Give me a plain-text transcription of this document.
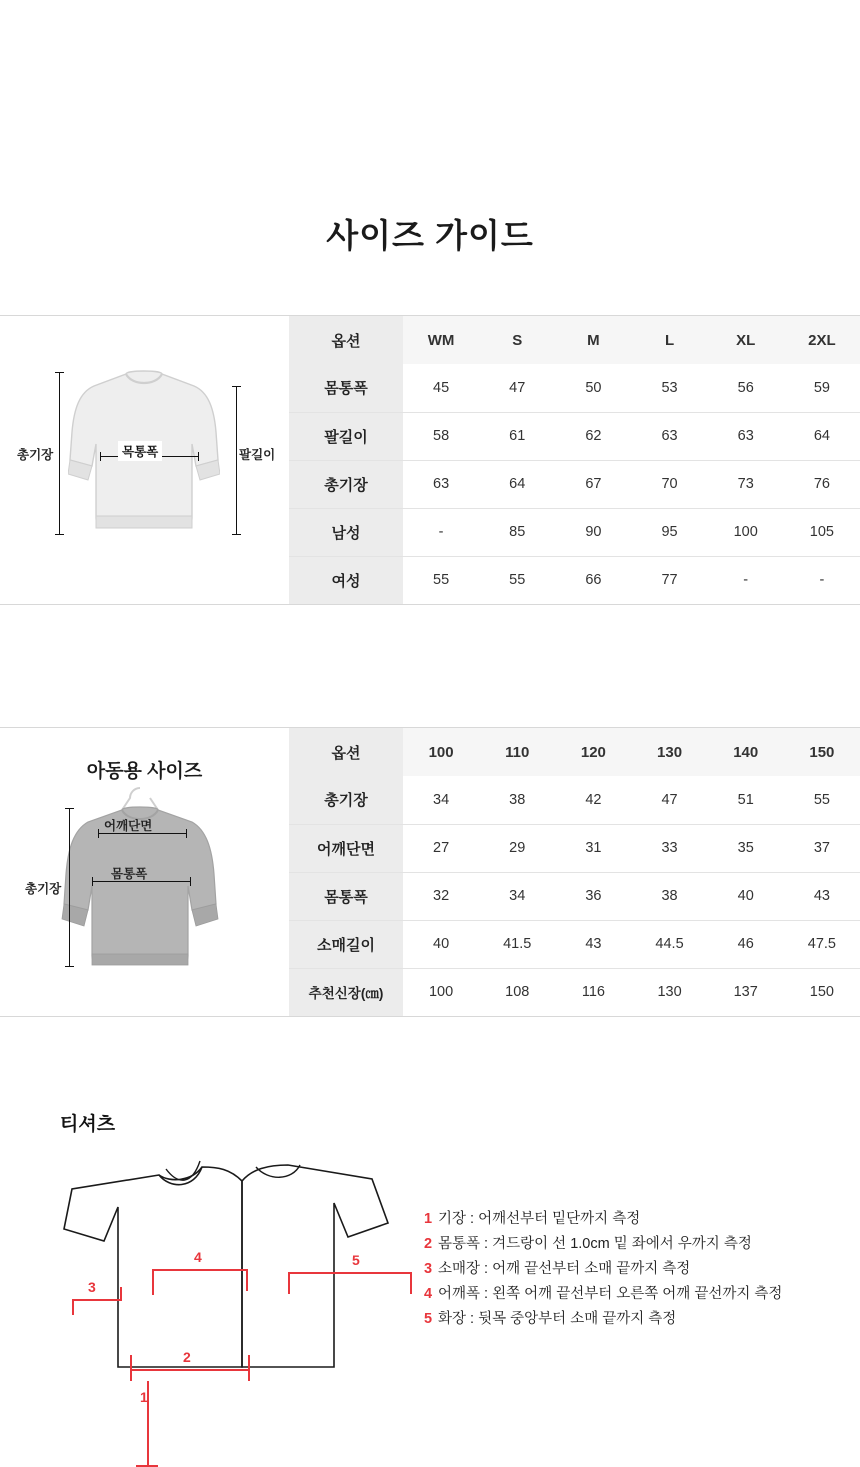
사이즈 가이드
총기장	팔길이
목통폭
옵션	WM	S	M	L	XL	2XL
몸통폭	45	47	50	53	56	59
팔길이	58	61	62	63	63	64
총기장	63	64	67	70	73	76
남성	-	85	90	95	100	105
여성	55	55	66	77	-	-
아동용 사이즈
총기장
어깨단면
몸통폭
옵션	100	110	120	130	140	150
총기장	34	38	42	47	51	55
어깨단면	27	29	31	33	35	37
몸통폭	32	34	36	38	40	43
소매길이	40	41.5	43	44.5	46	47.5
추천신장(㎝)	100	108	116	130	137	150
티셔츠
4
3
5
2
1
1 기장 : 어깨선부터 밑단까지 측정
2 몸통폭 : 겨드랑이 선 1.0cm 밑 좌에서 우까지 측정
3 소매장 : 어깨 끝선부터 소매 끝까지 측정
4 어깨폭 : 왼쪽 어깨 끝선부터 오른쪽 어깨 끝선까지 측정
5 화장 : 뒷목 중앙부터 소매 끝까지 측정
